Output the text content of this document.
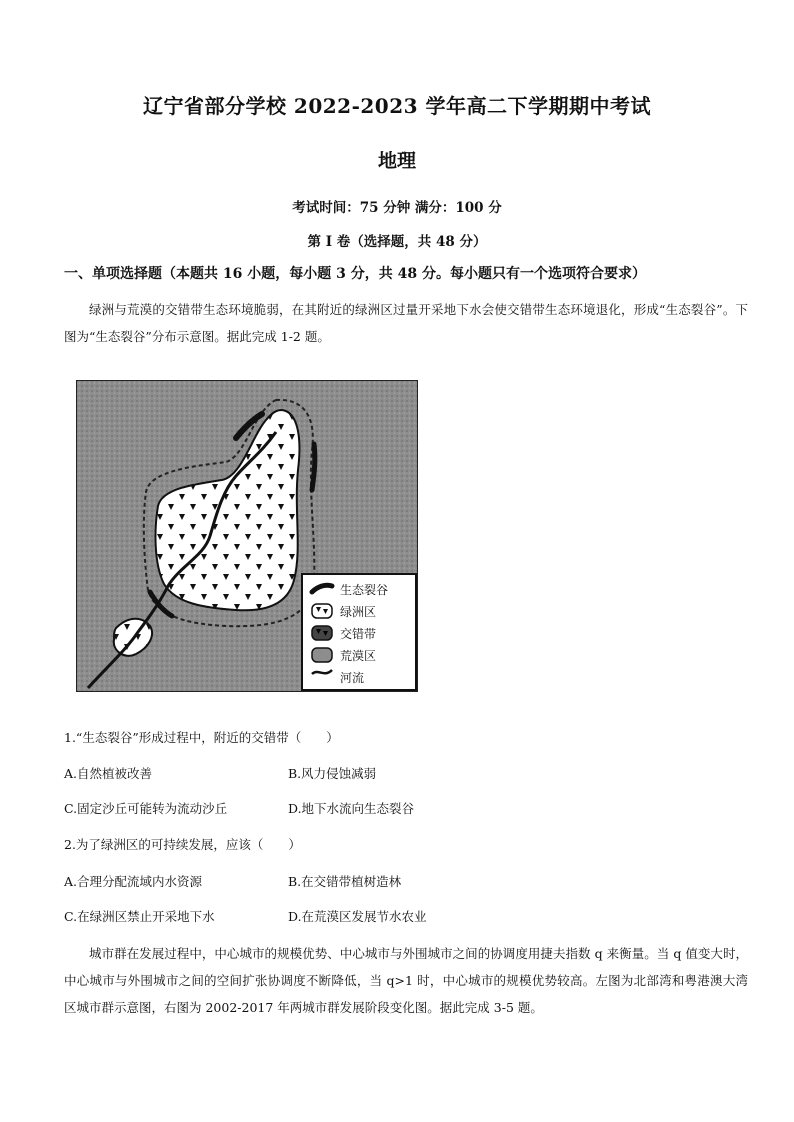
辽宁省部分学校 2022-2023 学年高二下学期期中考试
地理
考试时间：75 分钟 满分：100 分
第 I 卷（选择题，共 48 分）
一、单项选择题（本题共 16 小题，每小题 3 分，共 48 分。每小题只有一个选项符合要求）
绿洲与荒漠的交错带生态环境脆弱，在其附近的绿洲区过量开采地下水会使交错带生态环境退化，形成“生态裂谷”。下图为“生态裂谷”分布示意图。据此完成 1-2 题。
生态裂谷
绿洲区
交错带
荒漠区
河流
1.“生态裂谷”形成过程中，附近的交错带（　　）
A.自然植被改善	B.风力侵蚀减弱
C.固定沙丘可能转为流动沙丘	D.地下水流向生态裂谷
2.为了绿洲区的可持续发展，应该（　　）
A.合理分配流域内水资源	B.在交错带植树造林
C.在绿洲区禁止开采地下水	D.在荒漠区发展节水农业
城市群在发展过程中，中心城市的规模优势、中心城市与外围城市之间的协调度用捷夫指数 q 来衡量。当 q 值变大时，中心城市与外围城市之间的空间扩张协调度不断降低，当 q>1 时，中心城市的规模优势较高。左图为北部湾和粤港澳大湾区城市群示意图，右图为 2002-2017 年两城市群发展阶段变化图。据此完成 3-5 题。
